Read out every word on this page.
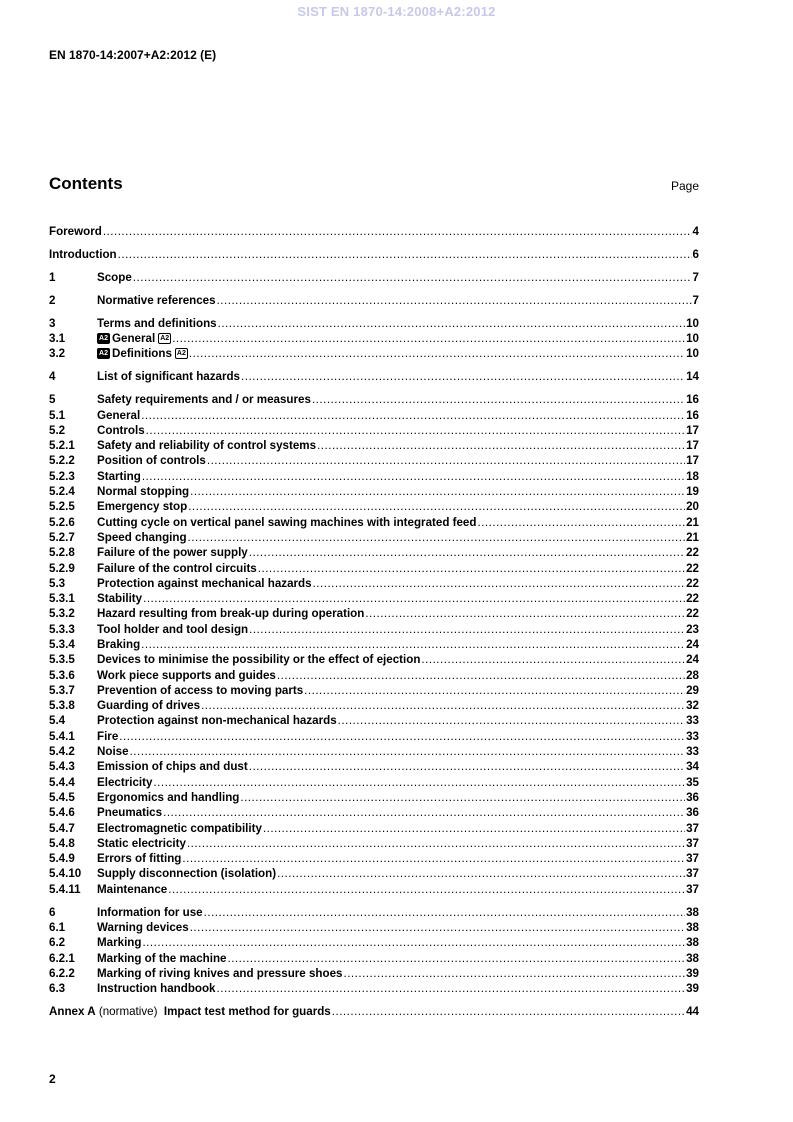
SIST EN 1870-14:2008+A2:2012
EN 1870-14:2007+A2:2012 (E)
Contents	Page
Foreword .....	4
Introduction .....	6
1	Scope .....	7
2	Normative references .....	7
3	Terms and definitions .....	10
3.1	A2 General A2 .....	10
3.2	A2 Definitions A2 .....	10
4	List of significant hazards .....	14
5	Safety requirements and / or measures .....	16
5.1	General .....	16
5.2	Controls .....	17
5.2.1	Safety and reliability of control systems .....	17
5.2.2	Position of controls .....	17
5.2.3	Starting .....	18
5.2.4	Normal stopping .....	19
5.2.5	Emergency stop .....	20
5.2.6	Cutting cycle on vertical panel sawing machines with integrated feed .....	21
5.2.7	Speed changing .....	21
5.2.8	Failure of the power supply .....	22
5.2.9	Failure of the control circuits .....	22
5.3	Protection against mechanical hazards .....	22
5.3.1	Stability .....	22
5.3.2	Hazard resulting from break-up during operation .....	22
5.3.3	Tool holder and tool design .....	23
5.3.4	Braking .....	24
5.3.5	Devices to minimise the possibility or the effect of ejection .....	24
5.3.6	Work piece supports and guides .....	28
5.3.7	Prevention of access to moving parts .....	29
5.3.8	Guarding of drives .....	32
5.4	Protection against non-mechanical hazards .....	33
5.4.1	Fire .....	33
5.4.2	Noise .....	33
5.4.3	Emission of chips and dust .....	34
5.4.4	Electricity .....	35
5.4.5	Ergonomics and handling .....	36
5.4.6	Pneumatics .....	36
5.4.7	Electromagnetic compatibility .....	37
5.4.8	Static electricity .....	37
5.4.9	Errors of fitting .....	37
5.4.10	Supply disconnection (isolation) .....	37
5.4.11	Maintenance .....	37
6	Information for use .....	38
6.1	Warning devices .....	38
6.2	Marking .....	38
6.2.1	Marking of the machine .....	38
6.2.2	Marking of riving knives and pressure shoes .....	39
6.3	Instruction handbook .....	39
Annex A (normative) Impact test method for guards .....	44
2
